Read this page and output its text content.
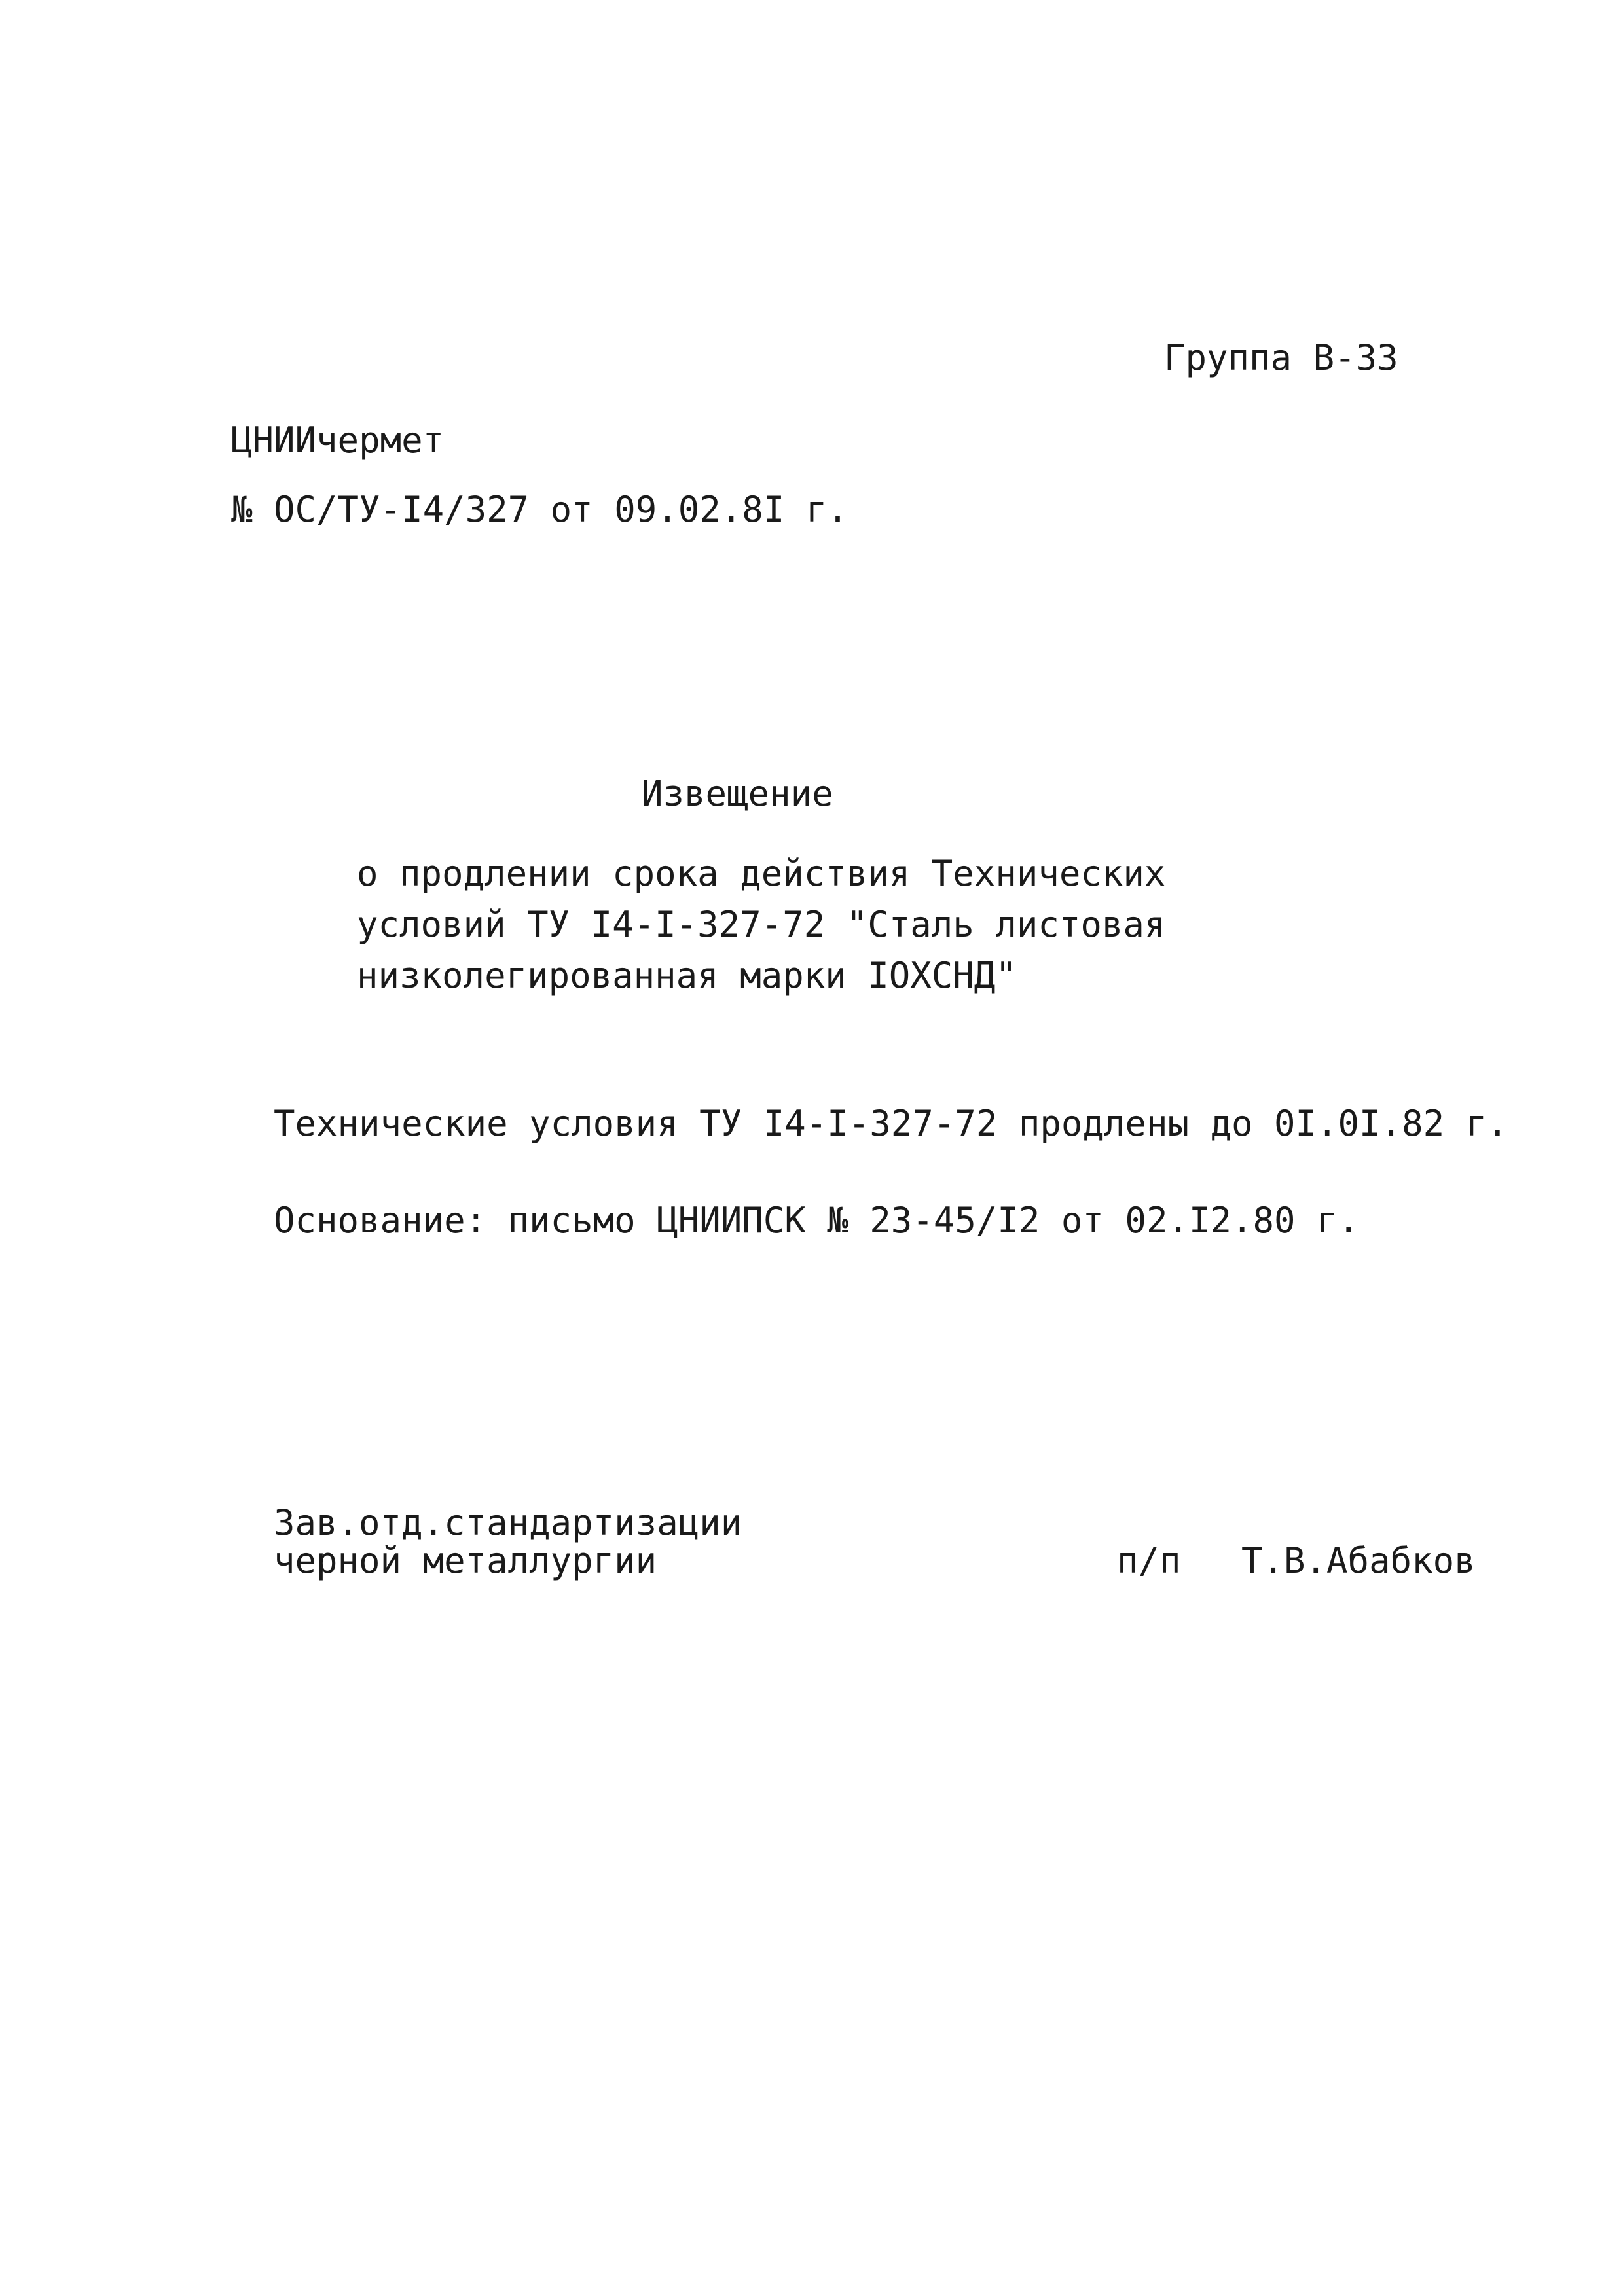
Группа В-33
ЦНИИчермет
№ ОС/ТУ-I4/327 от 09.02.8I г.
Извещение
о продлении срока действия Технических
условий ТУ I4-I-327-72 "Сталь листовая
низколегированная марки IОХСНД"
Технические условия ТУ I4-I-327-72 продлены до 0I.0I.82 г.
Основание: письмо ЦНИИПСК № 23-45/I2 от 02.I2.80 г.
Зав.отд.стандартизации
черной металлургии	п/п Т.В.Абабков
